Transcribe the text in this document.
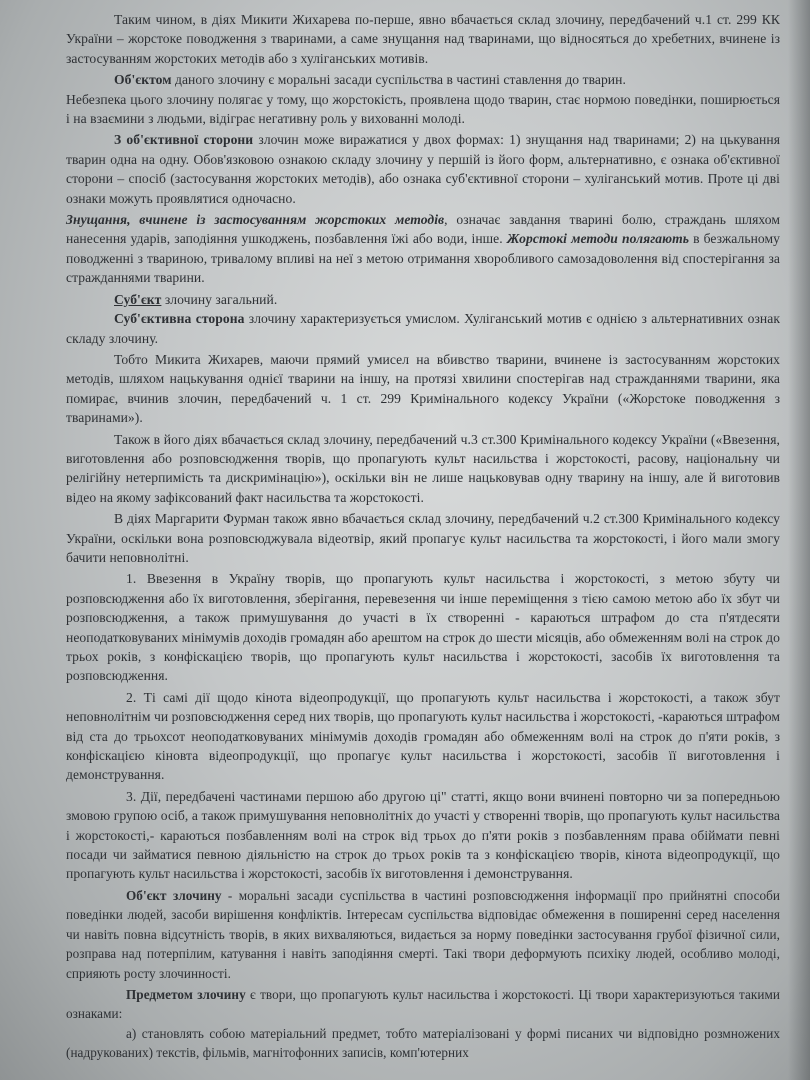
Таким чином, в діях Микити Жихарева по-перше, явно вбачається склад злочину, передбачений ч.1 ст. 299 КК України – жорстоке поводження з тваринами, а саме знущання над тваринами, що відносяться до хребетних, вчинене із застосуванням жорстоких методів або з хуліганських мотивів.

Об'єктом даного злочину є моральні засади суспільства в частині ставлення до тварин.

Небезпека цього злочину полягає у тому, що жорстокість, проявлена щодо тварин, стає нормою поведінки, поширюється і на взаємини з людьми, відіграє негативну роль у вихованні молоді.

З об'єктивної сторони злочин може виражатися у двох формах: 1) знущання над тваринами; 2) на цькування тварин одна на одну. Обов'язковою ознакою складу злочину у першій із його форм, альтернативно, є ознака об'єктивної сторони – спосіб (застосування жорстоких методів), або ознака суб'єктивної сторони – хуліганський мотив. Проте ці дві ознаки можуть проявлятися одночасно.

Знущання, вчинене із застосуванням жорстоких методів, означає завдання тварині болю, страждань шляхом нанесення ударів, заподіяння ушкоджень, позбавлення їжі або води, інше. Жорстокі методи полягають в безжальному поводженні з твариною, тривалому впливі на неї з метою отримання хворобливого самозадоволення від спостерігання за стражданнями тварини.

Суб'єкт злочину загальний.

Суб'єктивна сторона злочину характеризується умислом. Хуліганський мотив є однією з альтернативних ознак складу злочину.

Тобто Микита Жихарев, маючи прямий умисел на вбивство тварини, вчинене із застосуванням жорстоких методів, шляхом нацькування однієї тварини на іншу, на протязі хвилини спостерігав над стражданнями тварини, яка помирає, вчинив злочин, передбачений ч. 1 ст. 299 Кримінального кодексу України («Жорстоке поводження з тваринами»).

Також в його діях вбачається склад злочину, передбачений ч.3 ст.300 Кримінального кодексу України («Ввезення, виготовлення або розповсюдження творів, що пропагують культ насильства і жорстокості, расову, національну чи релігійну нетерпимість та дискримінацію»), оскільки він не лише нацьковував одну тварину на іншу, але й виготовив відео на якому зафіксований факт насильства та жорстокості.

В діях Маргарити Фурман також явно вбачається склад злочину, передбачений ч.2 ст.300 Кримінального кодексу України, оскільки вона розповсюджувала відеотвір, який пропагує культ насильства та жорстокості, і його мали змогу бачити неповнолітні.

1. Ввезення в Україну творів, що пропагують культ насильства і жорстокості, з метою збуту чи розповсюдження або їх виготовлення, зберігання, перевезення чи інше переміщення з тією самою метою або їх збут чи розповсюдження, а також примушування до участі в їх створенні - караються штрафом до ста п'ятдесяти неоподатковуваних мінімумів доходів громадян або арештом на строк до шести місяців, або обмеженням волі на строк до трьох років, з конфіскацією творів, що пропагують культ насильства і жорстокості, засобів їх виготовлення та розповсюдження.

2. Ті самі дії щодо кінота відеопродукції, що пропагують культ насильства і жорстокості, а також збут неповнолітнім чи розповсюдження серед них творів, що пропагують культ насильства і жорстокості, -караються штрафом від ста до трьохсот неоподатковуваних мінімумів доходів громадян або обмеженням волі на строк до п'яти років, з конфіскацією кіновта відеопродукції, що пропагує культ насильства і жорстокості, засобів її виготовлення і демонстрування.

3. Дії, передбачені частинами першою або другою ці" статті, якщо вони вчинені повторно чи за попередньою змовою групою осіб, а також примушування неповнолітніх до участі у створенні творів, що пропагують культ насильства і жорстокості,- караються позбавленням волі на строк від трьох до п'яти років з позбавленням права обіймати певні посади чи займатися певною діяльністю на строк до трьох років та з конфіскацією творів, кінота відеопродукції, що пропагують культ насильства і жорстокості, засобів їх виготовлення і демонстрування.

Об'єкт злочину - моральні засади суспільства в частині розповсюдження інформації про прийнятні способи поведінки людей, засоби вирішення конфліктів. Інтересам суспільства відповідає обмеження в поширенні серед населення чи навіть повна відсутність творів, в яких вихваляються, видається за норму поведінки застосування грубої фізичної сили, розправа над потерпілим, катування і навіть заподіяння смерті. Такі твори деформують психіку людей, особливо молоді, сприяють росту злочинності.

Предметом злочину є твори, що пропагують культ насильства і жорстокості. Ці твори характеризуються такими ознаками:

а) становлять собою матеріальний предмет, тобто матеріалізовані у формі писаних чи відповідно розмножених (надрукованих) текстів, фільмів, магнітофонних записів, комп'ютерних
